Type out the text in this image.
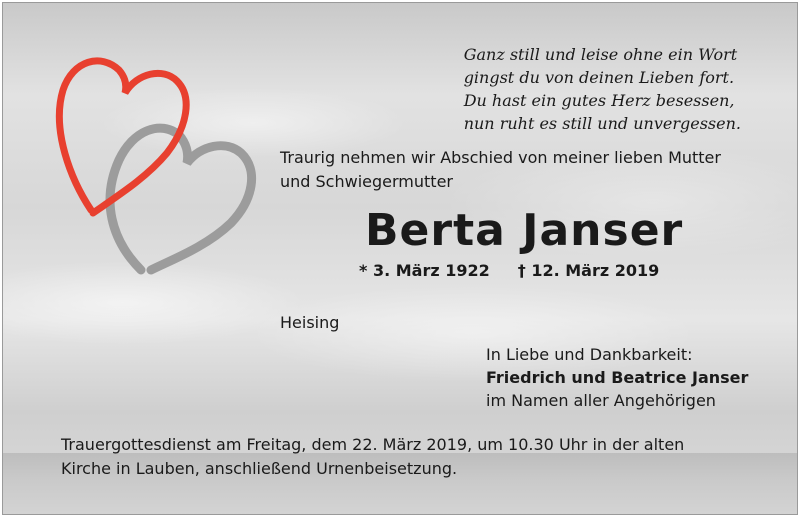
Ganz still und leise ohne ein Wort
gingst du von deinen Lieben fort.
Du hast ein gutes Herz besessen,
nun ruht es still und unvergessen.
Traurig nehmen wir Abschied von meiner lieben Mutter
und Schwiegermutter
Berta Janser
* 3. März 1922 † 12. März 2019
Heising
In Liebe und Dankbarkeit:
Friedrich und Beatrice Janser
im Namen aller Angehörigen
Trauergottesdienst am Freitag, dem 22. März 2019, um 10.30 Uhr in der alten
Kirche in Lauben, anschließend Urnenbeisetzung.
